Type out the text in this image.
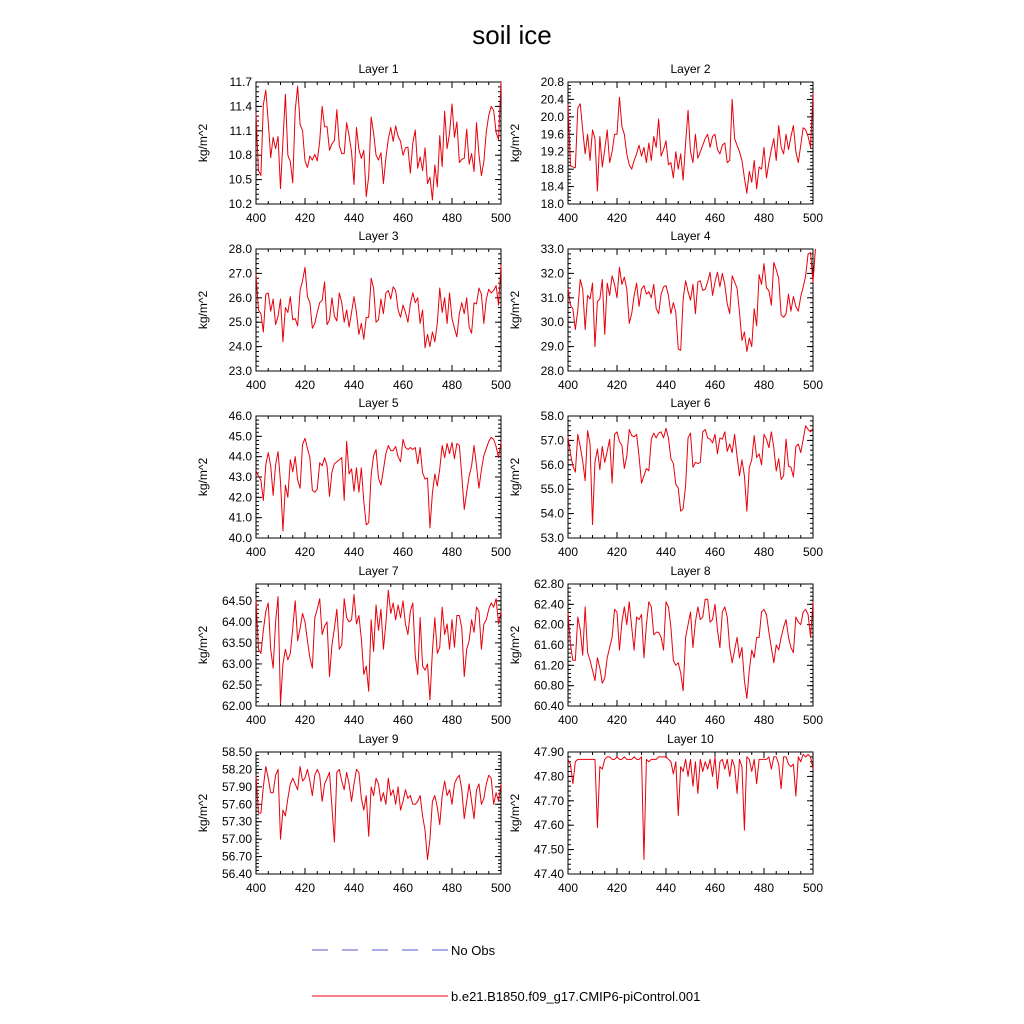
soil ice
Layer 1
kg/m^2
400 420 440 460 480 500
10.2
10.5
10.8
11.1
11.4
11.7
Layer 2
kg/m^2
400 420 440 460 480 500
18.0
18.4
18.8
19.2
19.6
20.0
20.4
20.8
Layer 3
kg/m^2
400 420 440 460 480 500
23.0
24.0
25.0
26.0
27.0
28.0
Layer 4
kg/m^2
400 420 440 460 480 500
28.0
29.0
30.0
31.0
32.0
33.0
Layer 5
kg/m^2
400 420 440 460 480 500
40.0
41.0
42.0
43.0
44.0
45.0
46.0
Layer 6
kg/m^2
400 420 440 460 480 500
53.0
54.0
55.0
56.0
57.0
58.0
Layer 7
kg/m^2
400 420 440 460 480 500
62.00
62.50
63.00
63.50
64.00
64.50
Layer 8
kg/m^2
400 420 440 460 480 500
60.40
60.80
61.20
61.60
62.00
62.40
62.80
Layer 9
kg/m^2
400 420 440 460 480 500
56.40
56.70
57.00
57.30
57.60
57.90
58.20
58.50
Layer 10
kg/m^2
400 420 440 460 480 500
47.40
47.50
47.60
47.70
47.80
47.90
No Obs
b.e21.B1850.f09_g17.CMIP6-piControl.001
